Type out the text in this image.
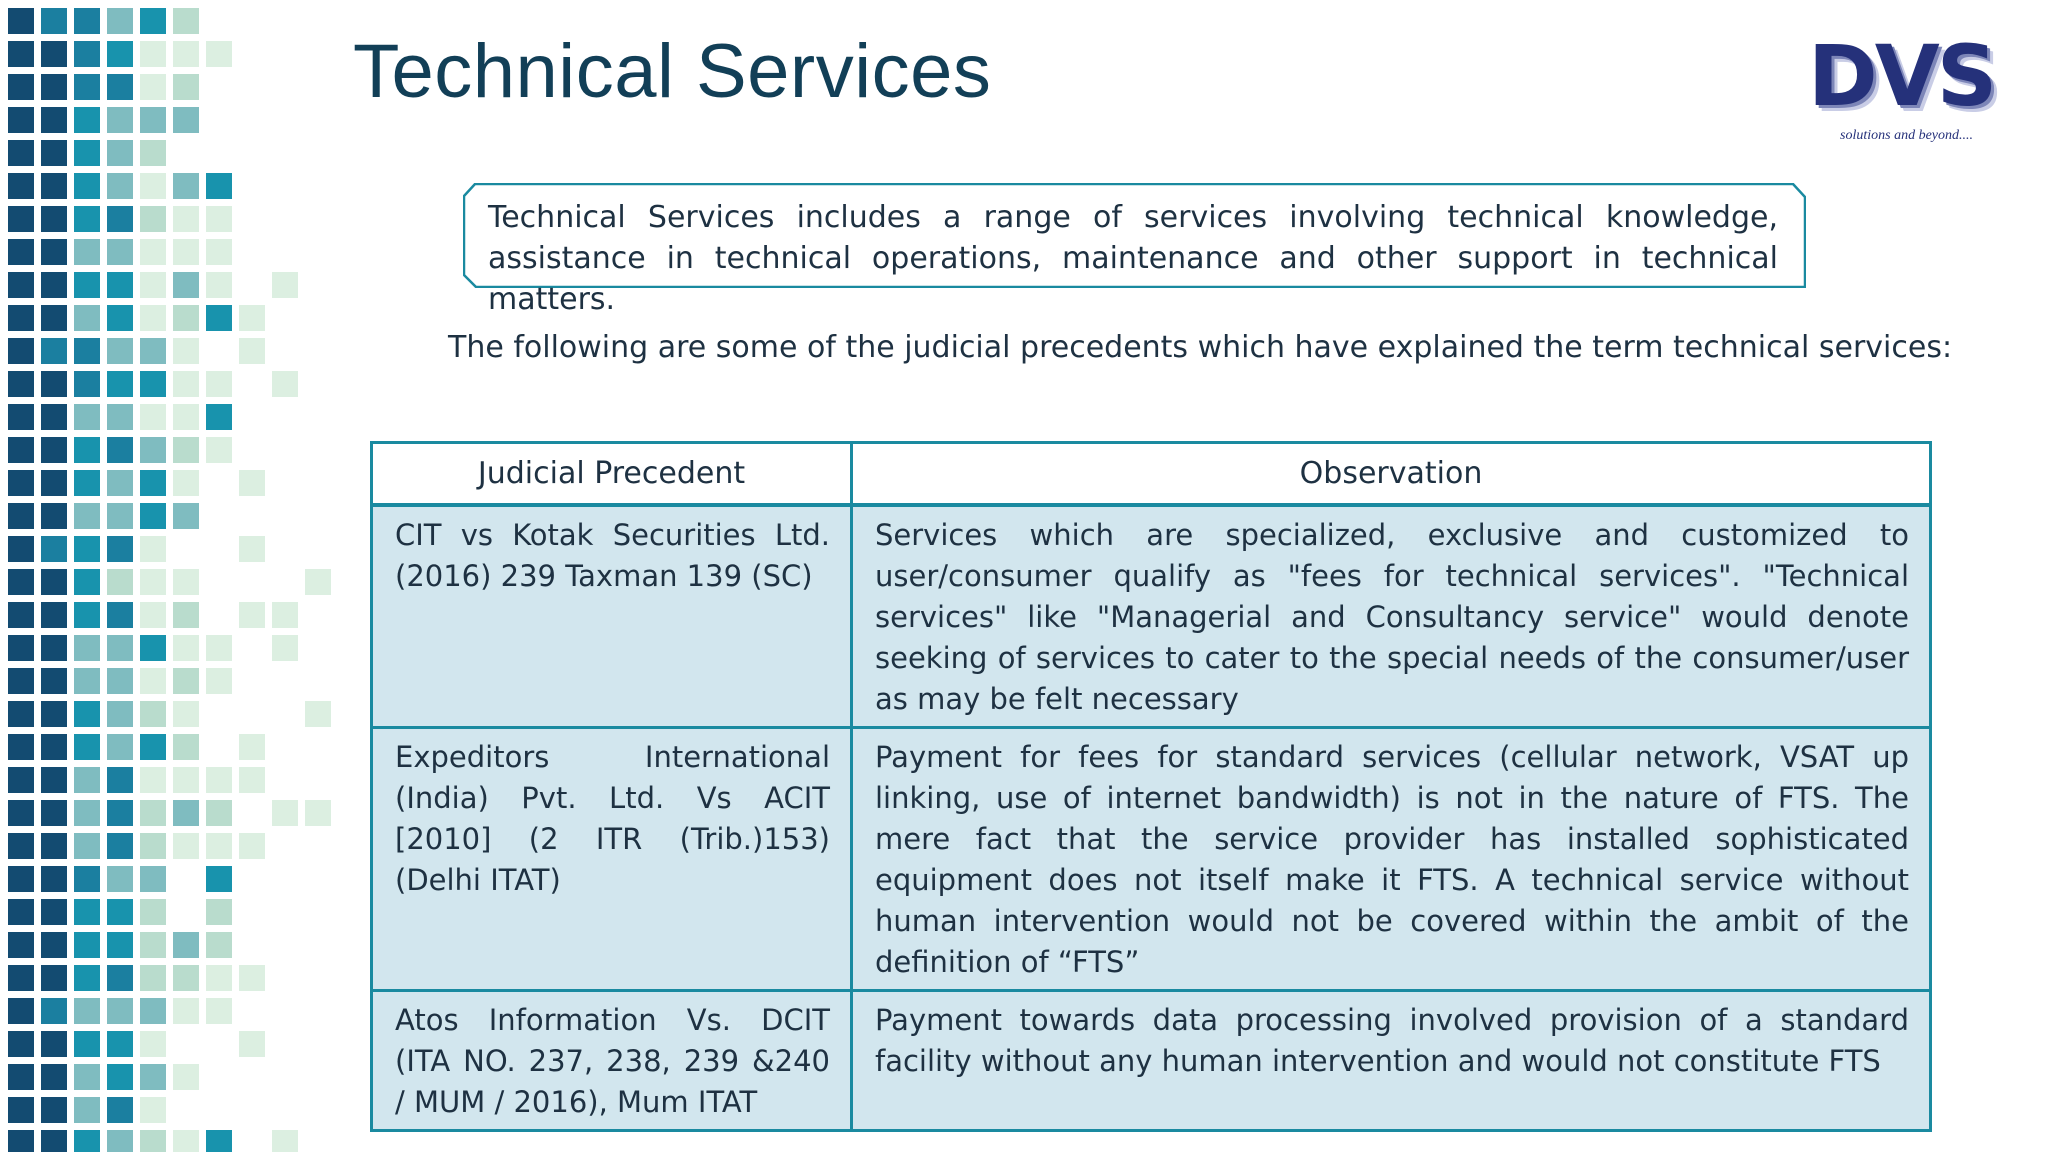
Technical Services	DVS
solutions and beyond....
Technical Services includes a range of services involving technical knowledge, assistance in technical operations, maintenance and other support in technical matters.
The following are some of the judicial precedents which have explained the term technical services:
Judicial Precedent	Observation
CIT vs Kotak Securities Ltd. (2016) 239 Taxman 139 (SC)	Services which are specialized, exclusive and customized to user/consumer qualify as "fees for technical services". "Technical services" like "Managerial and Consultancy service" would denote seeking of services to cater to the special needs of the consumer/user as may be felt necessary
Expeditors International (India) Pvt. Ltd. Vs ACIT [2010] (2 ITR (Trib.)153) (Delhi ITAT)	Payment for fees for standard services (cellular network, VSAT up linking, use of internet bandwidth) is not in the nature of FTS. The mere fact that the service provider has installed sophisticated equipment does not itself make it FTS. A technical service without human intervention would not be covered within the ambit of the definition of “FTS”
Atos Information Vs. DCIT (ITA NO. 237, 238, 239 &240 / MUM / 2016), Mum ITAT	Payment towards data processing involved provision of a standard facility without any human intervention and would not constitute FTS
